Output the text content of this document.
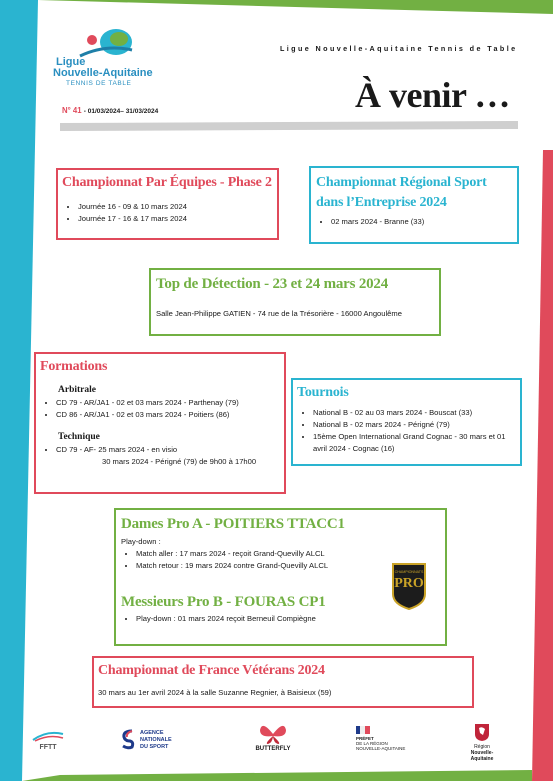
Ligue
Nouvelle-Aquitaine
TENNIS DE TABLE
Ligue Nouvelle-Aquitaine Tennis de Table
N° 41 - 01/03/2024– 31/03/2024	À venir …
Championnat Par Équipes - Phase 2
• Journée 16 - 09 & 10 mars 2024
• Journée 17 - 16 & 17 mars 2024
Championnat Régional Sport
dans l’Entreprise 2024
• 02 mars 2024 - Branne (33)
Top de Détection - 23 et 24 mars 2024
Salle Jean-Philippe GATIEN - 74 rue de la Trésorière - 16000 Angoulême
Formations
Arbitrale
• CD 79 - AR/JA1 - 02 et 03 mars 2024 - Parthenay (79)
• CD 86 - AR/JA1 - 02 et 03 mars 2024 - Poitiers (86)
Technique
• CD 79 - AF- 25 mars 2024 - en visio
30 mars 2024 - Périgné (79) de 9h00 à 17h00
Tournois
• National B - 02 au 03 mars 2024 - Bouscat (33)
• National B - 02 mars 2024 - Périgné (79)
• 15ème Open International Grand Cognac - 30 mars et 01 avril 2024 - Cognac (16)
Dames Pro A - POITIERS TTACC1
Play-down :
• Match aller : 17 mars 2024 - reçoit Grand-Quevilly ALCL
• Match retour : 19 mars 2024 contre Grand-Quevilly ALCL
Messieurs Pro B - FOURAS CP1
• Play-down : 01 mars 2024 reçoit Berneuil Compiègne
CHAMPIONNATS
PRO
Championnat de France Vétérans 2024
30 mars au 1er avril 2024 à la salle Suzanne Regnier, à Baisieux (59)
FFTT
AGENCE
NATIONALE
DU SPORT	BUTTERFLY
PRÉFET
DE LA RÉGION
NOUVELLE-AQUITAINE	Région
Nouvelle-
Aquitaine
